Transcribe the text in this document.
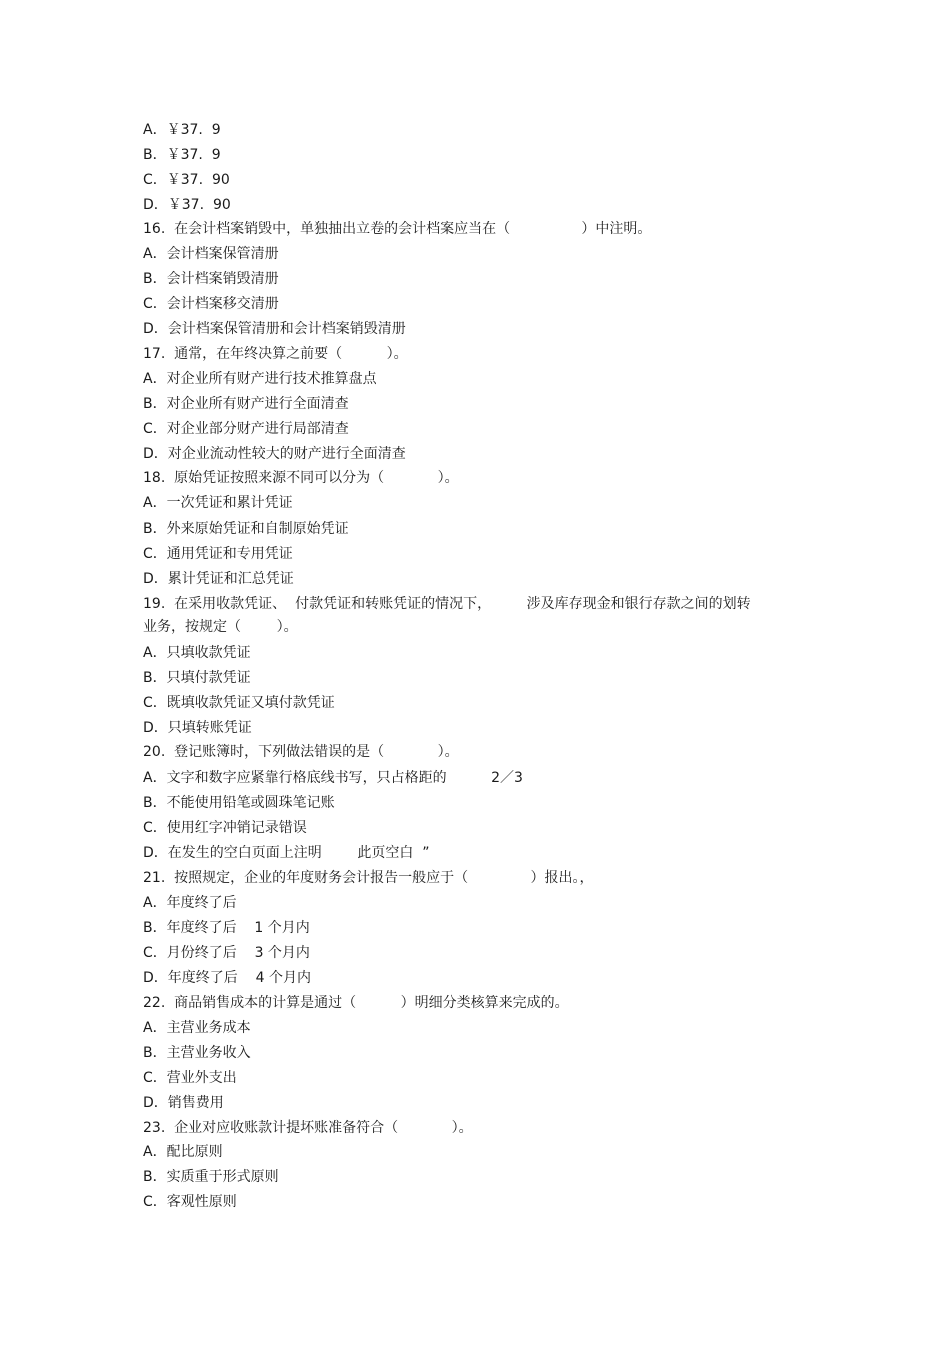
A．￥37.  9
B．￥37.  9
C．￥37.  90
D．￥37.  90
16.  在会计档案销毁中，单独抽出立卷的会计档案应当在（                ）中注明。
A．会计档案保管清册
B．会计档案销毁清册
C．会计档案移交清册
D．会计档案保管清册和会计档案销毁清册
17.  通常，在年终决算之前要（          ）。
A．对企业所有财产进行技术推算盘点
B．对企业所有财产进行全面清查
C．对企业部分财产进行局部清查
D．对企业流动性较大的财产进行全面清查
18.  原始凭证按照来源不同可以分为（            ）。
A．一次凭证和累计凭证
B．外来原始凭证和自制原始凭证
C．通用凭证和专用凭证
D．累计凭证和汇总凭证
19.  在采用收款凭证、  付款凭证和转账凭证的情况下，        涉及库存现金和银行存款之间的划转
业务，按规定（        ）。
A．只填收款凭证
B．只填付款凭证
C．既填收款凭证又填付款凭证
D．只填转账凭证
20.  登记账簿时，下列做法错误的是（            ）。
A．文字和数字应紧靠行格底线书写，只占格距的          2／3
B．不能使用铅笔或圆珠笔记账
C．使用红字冲销记录错误
D．在发生的空白页面上注明        此页空白  ”
21.  按照规定，企业的年度财务会计报告一般应于（              ）报出。，
A．年度终了后
B．年度终了后    1 个月内
C．月份终了后    3 个月内
D．年度终了后    4 个月内
22.  商品销售成本的计算是通过（          ）明细分类核算来完成的。
A．主营业务成本
B．主营业务收入
C．营业外支出
D．销售费用
23.  企业对应收账款计提坏账准备符合（            ）。
A．配比原则
B．实质重于形式原则
C．客观性原则
